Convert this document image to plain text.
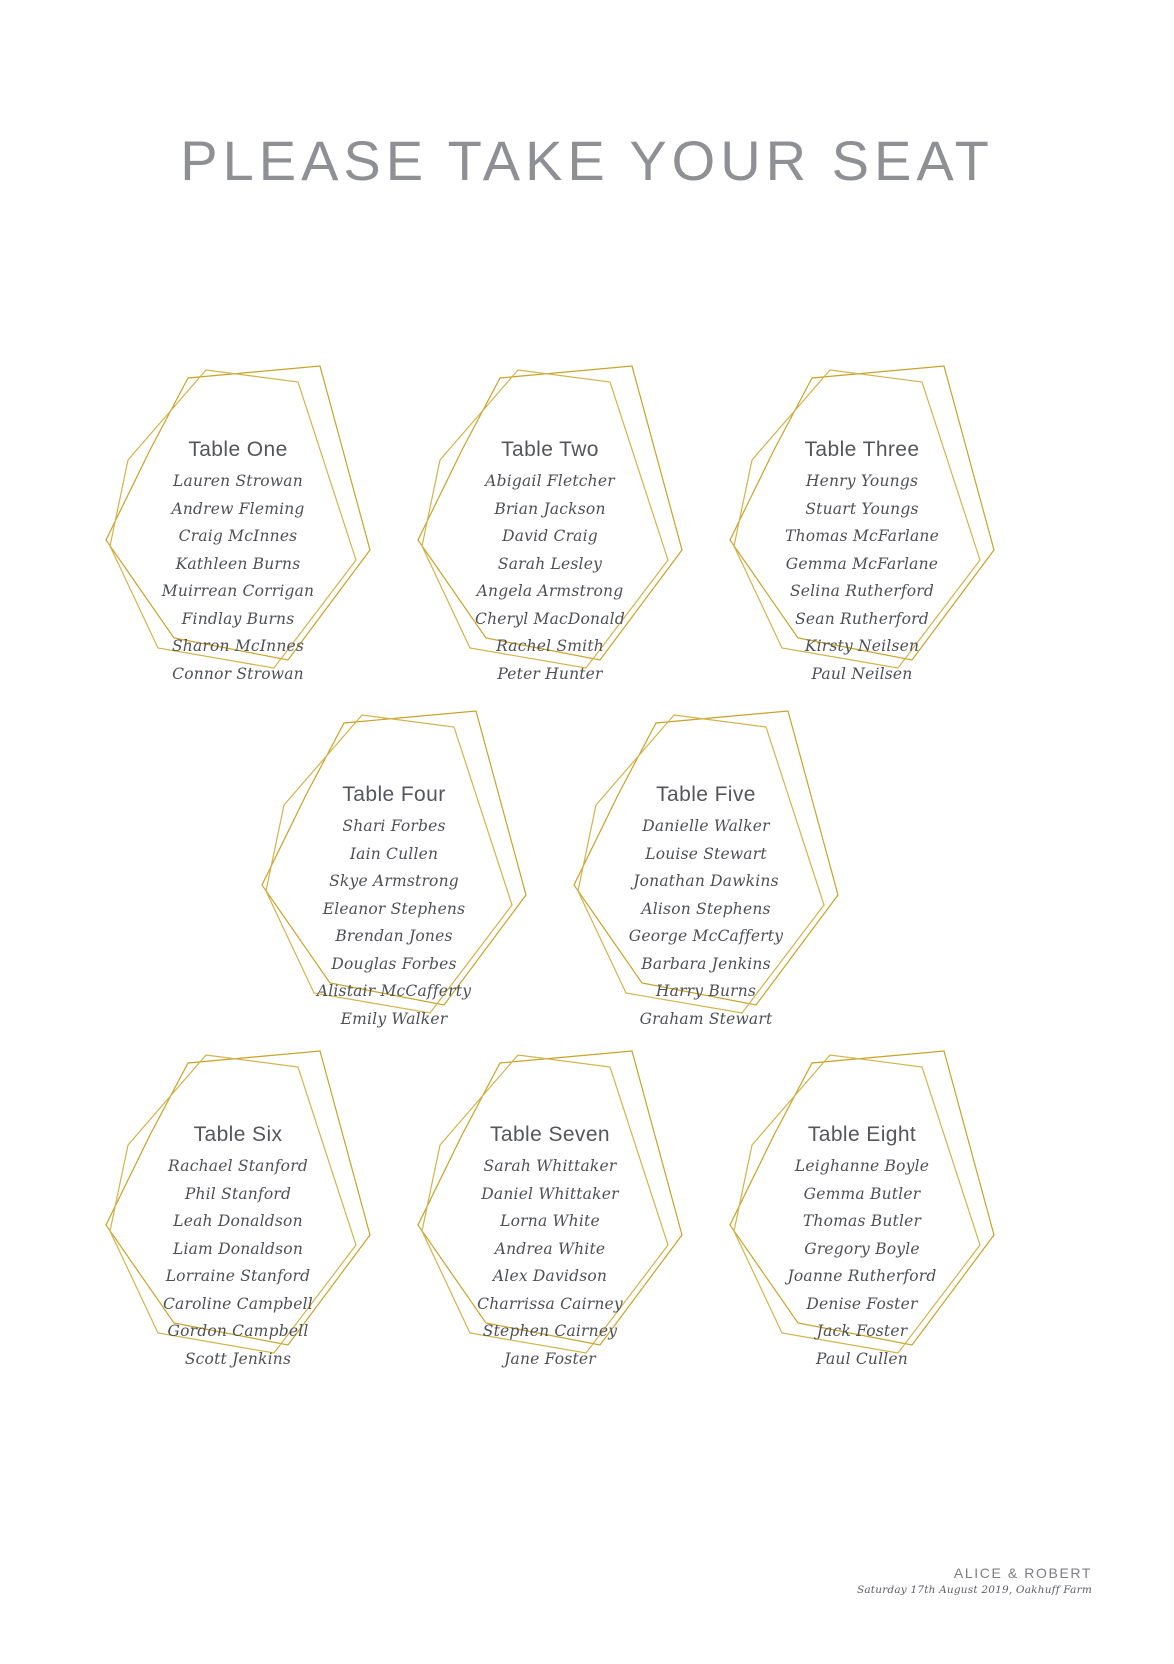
PLEASE TAKE YOUR SEAT
Table One
Lauren Strowan
Andrew Fleming
Craig McInnes
Kathleen Burns
Muirrean Corrigan
Findlay Burns
Sharon McInnes
Connor Strowan
Table Two
Abigail Fletcher
Brian Jackson
David Craig
Sarah Lesley
Angela Armstrong
Cheryl MacDonald
Rachel Smith
Peter Hunter
Table Three
Henry Youngs
Stuart Youngs
Thomas McFarlane
Gemma McFarlane
Selina Rutherford
Sean Rutherford
Kirsty Neilsen
Paul Neilsen
Table Four
Shari Forbes
Iain Cullen
Skye Armstrong
Eleanor Stephens
Brendan Jones
Douglas Forbes
Alistair McCafferty
Emily Walker
Table Five
Danielle Walker
Louise Stewart
Jonathan Dawkins
Alison Stephens
George McCafferty
Barbara Jenkins
Harry Burns
Graham Stewart
Table Six
Rachael Stanford
Phil Stanford
Leah Donaldson
Liam Donaldson
Lorraine Stanford
Caroline Campbell
Gordon Campbell
Scott Jenkins
Table Seven
Sarah Whittaker
Daniel Whittaker
Lorna White
Andrea White
Alex Davidson
Charrissa Cairney
Stephen Cairney
Jane Foster
Table Eight
Leighanne Boyle
Gemma Butler
Thomas Butler
Gregory Boyle
Joanne Rutherford
Denise Foster
Jack Foster
Paul Cullen
ALICE & ROBERT
Saturday 17th August 2019, Oakhuff Farm
